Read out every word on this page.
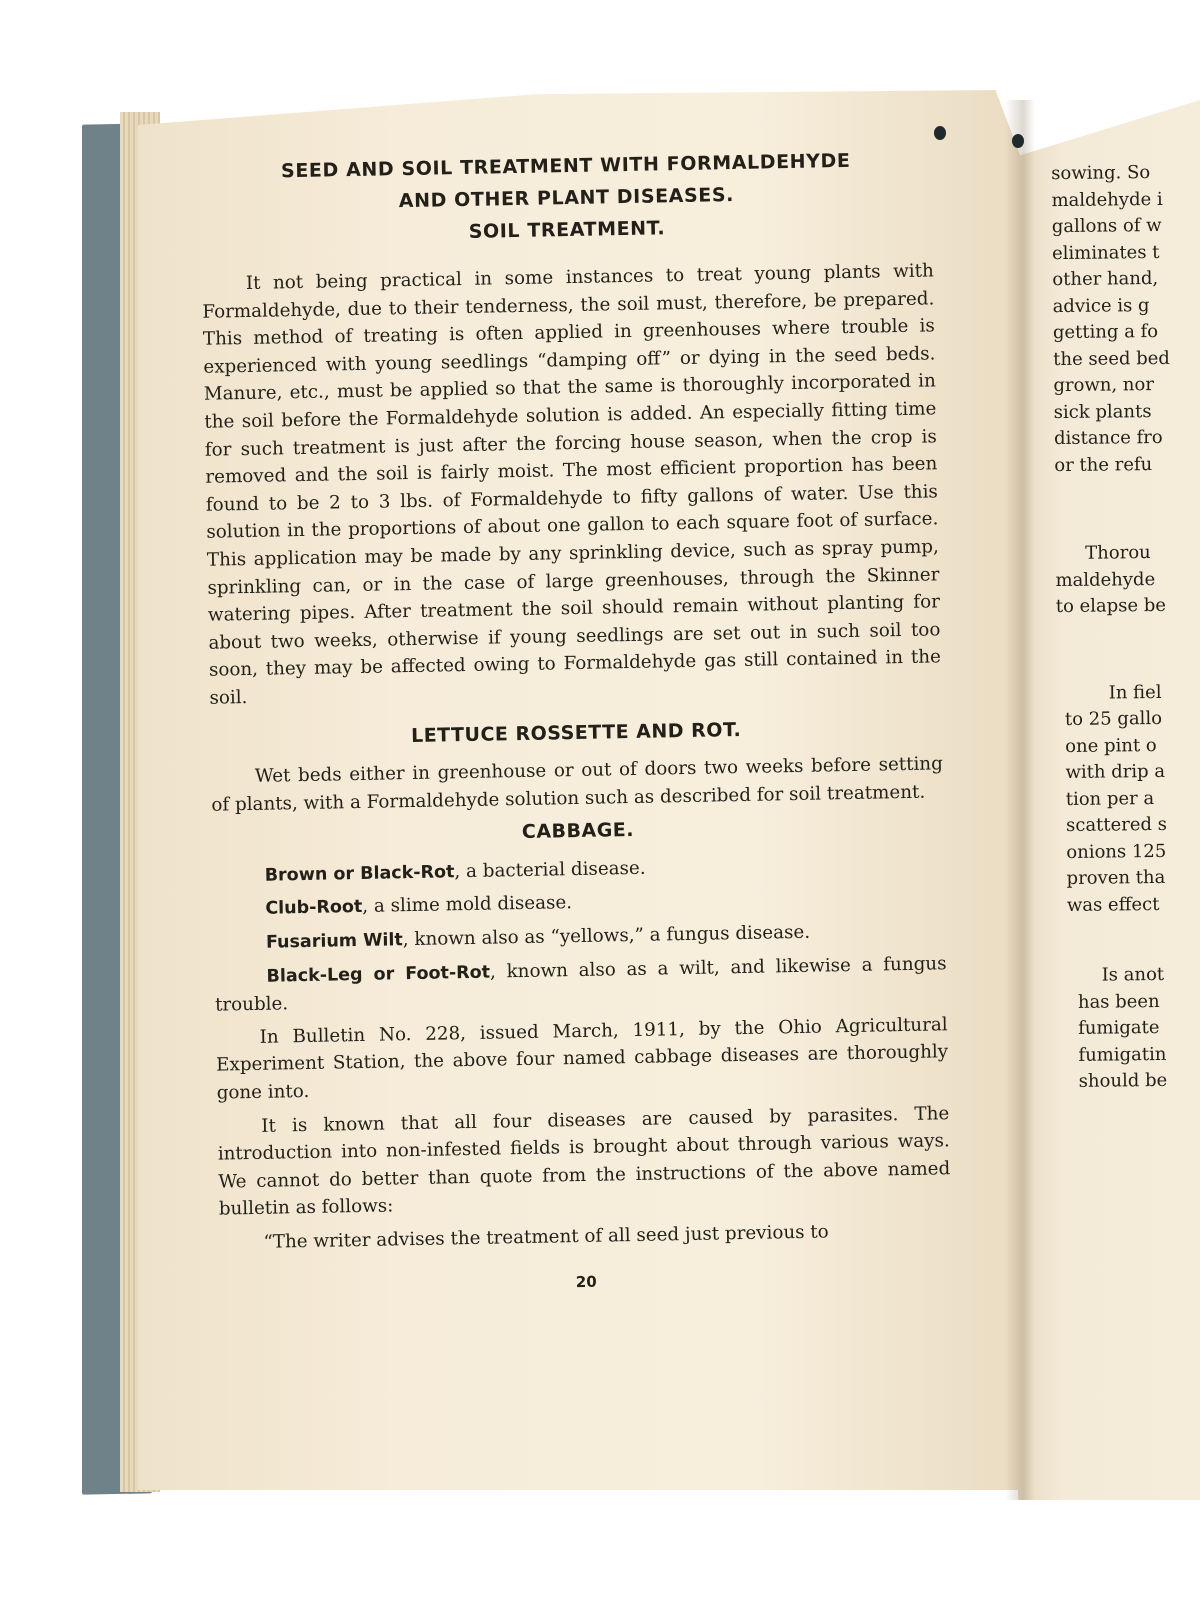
SEED AND SOIL TREATMENT WITH FORMALDEHYDE
AND OTHER PLANT DISEASES.
SOIL TREATMENT.

It not being practical in some instances to treat young plants with Formaldehyde, due to their tenderness, the soil must, therefore, be prepared. This method of treating is often applied in greenhouses where trouble is experienced with young seedlings “damping off” or dying in the seed beds. Manure, etc., must be applied so that the same is thoroughly incorporated in the soil before the Formaldehyde solution is added. An especially fitting time for such treatment is just after the forcing house season, when the crop is removed and the soil is fairly moist. The most efficient proportion has been found to be 2 to 3 lbs. of Formaldehyde to fifty gallons of water. Use this solution in the proportions of about one gallon to each square foot of surface. This application may be made by any sprinkling device, such as spray pump, sprinkling can, or in the case of large greenhouses, through the Skinner watering pipes. After treatment the soil should remain without planting for about two weeks, otherwise if young seedlings are set out in such soil too soon, they may be affected owing to Formaldehyde gas still contained in the soil.

LETTUCE ROSSETTE AND ROT.

Wet beds either in greenhouse or out of doors two weeks before setting of plants, with a Formaldehyde solution such as described for soil treatment.

CABBAGE.

Brown or Black-Rot, a bacterial disease.

Club-Root, a slime mold disease.

Fusarium Wilt, known also as “yellows,” a fungus disease.

Black-Leg or Foot-Rot, known also as a wilt, and likewise a fungus trouble.

In Bulletin No. 228, issued March, 1911, by the Ohio Agricultural Experiment Station, the above four named cabbage diseases are thoroughly gone into.

It is known that all four diseases are caused by parasites. The introduction into non-infested fields is brought about through various ways. We cannot do better than quote from the instructions of the above named bulletin as follows:

“The writer advises the treatment of all seed just previous to

20
sowing. So
maldehyde i
gallons of w
eliminates t
other hand,
advice is g
getting a fo
the seed bed
grown, nor
sick plants
distance fro
or the refu
Thorou
maldehyde
to elapse be
In fiel
to 25 gallo
one pint o
with drip a
tion per a
scattered s
onions 125
proven tha
was effect
Is anot
has been
fumigate
fumigatin
should be
